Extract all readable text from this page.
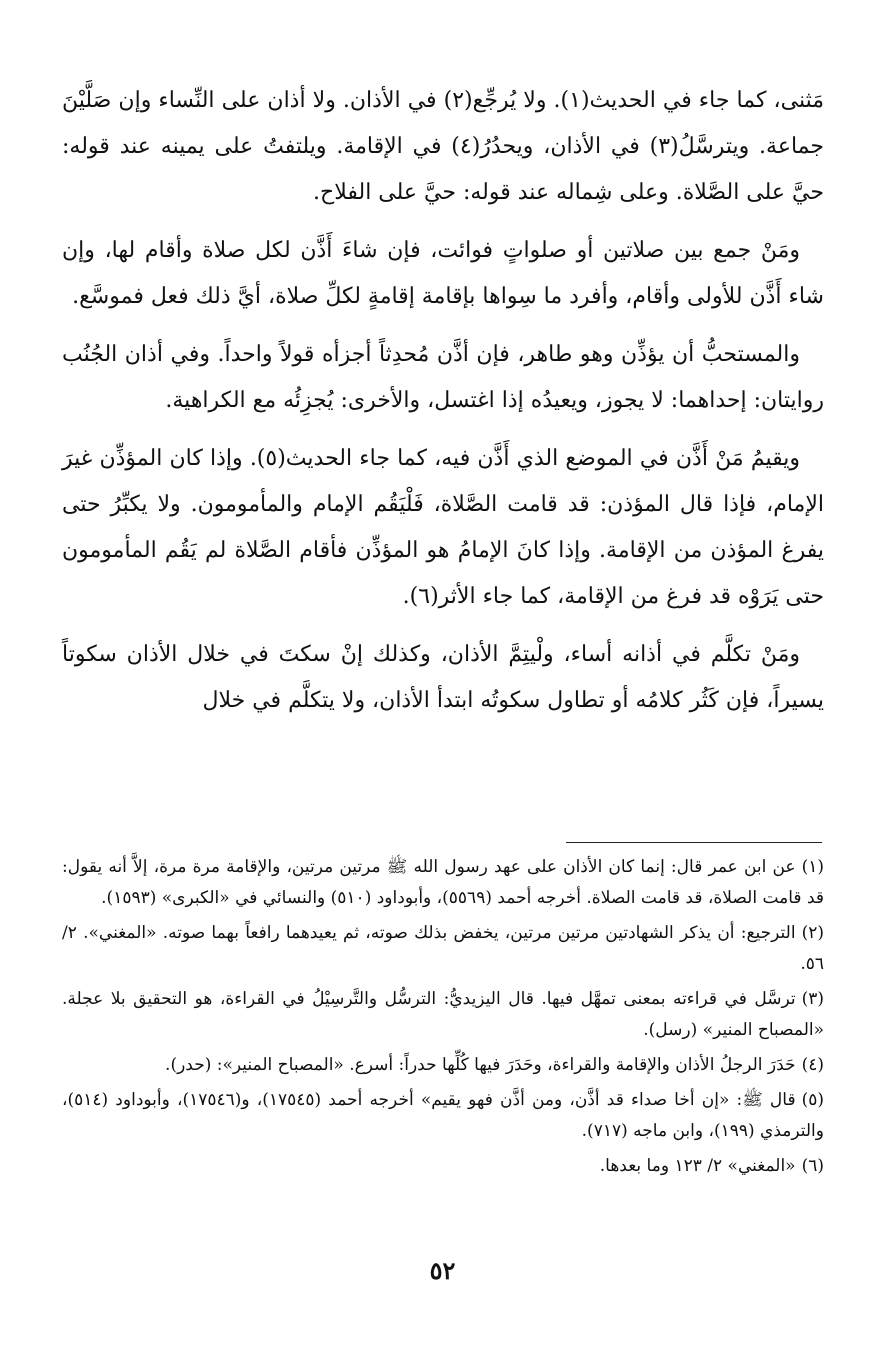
مَثنى، كما جاء في الحديث(١). ولا يُرجِّع(٢) في الأذان. ولا أذان على النِّساء وإن صَلَّيْنَ جماعة. ويترسَّلُ(٣) في الأذان، ويحدُرُ(٤) في الإقامة. ويلتفتُ على يمينه عند قوله: حيَّ على الصَّلاة. وعلى شِماله عند قوله: حيَّ على الفلاح.

ومَنْ جمع بين صلاتين أو صلواتٍ فوائت، فإن شاءَ أَذَّن لكل صلاة وأقام لها، وإن شاء أَذَّن للأولى وأقام، وأفرد ما سِواها بإقامة إقامةٍ لكلِّ صلاة، أيَّ ذلك فعل فموسَّع.

والمستحبُّ أن يؤذِّن وهو طاهر، فإن أذَّن مُحدِثاً أجزأه قولاً واحداً. وفي أذان الجُنُب روايتان: إحداهما: لا يجوز، ويعيدُه إذا اغتسل، والأخرى: يُجزِئُه مع الكراهية.

ويقيمُ مَنْ أَذَّن في الموضع الذي أَذَّن فيه، كما جاء الحديث(٥). وإذا كان المؤذِّن غيرَ الإمام، فإذا قال المؤذن: قد قامت الصَّلاة، فَلْيَقُم الإمام والمأمومون. ولا يكبِّرُ حتى يفرغ المؤذن من الإقامة. وإذا كانَ الإمامُ هو المؤذِّن فأقام الصَّلاة لم يَقُم المأمومون حتى يَرَوْه قد فرغ من الإقامة، كما جاء الأثر(٦).

ومَنْ تكلَّم في أذانه أساء، ولْيتِمَّ الأذان، وكذلك إنْ سكتَ في خلال الأذان سكوتاً يسيراً، فإن كَثُر كلامُه أو تطاول سكوتُه ابتدأ الأذان، ولا يتكلَّم في خلال

(١)عن ابن عمر قال: إنما كان الأذان على عهد رسول الله ﷺ مرتين مرتين، والإقامة مرة مرة، إلاَّ أنه يقول: قد قامت الصلاة، قد قامت الصلاة. أخرجه أحمد (٥٥٦٩)، وأبوداود (٥١٠) والنسائي في «الكبرى» (١٥٩٣).

(٢)الترجيع: أن يذكر الشهادتين مرتين مرتين، يخفض بذلك صوته، ثم يعيدهما رافعاً بهما صوته. «المغني». ٢/ ٥٦.

(٣)ترسَّل في قراءته بمعنى تمهَّل فيها. قال اليزيديُّ: الترسُّل والتَّرسِيْلُ في القراءة، هو التحقيق بلا عجلة. «المصباح المنير» (رسل).

(٤)حَدَرَ الرجلُ الأذان والإقامة والقراءة، وحَدَرَ فيها كُلِّها حدراً: أسرع. «المصباح المنير»: (حدر).

(٥)قال ﷺ: «إن أخا صداء قد أذَّن، ومن أذَّن فهو يقيم» أخرجه أحمد (١٧٥٤٥)، و(١٧٥٤٦)، وأبوداود (٥١٤)، والترمذي (١٩٩)، وابن ماجه (٧١٧).

(٦)«المغني» ٢/ ١٢٣ وما بعدها.

٥٢
